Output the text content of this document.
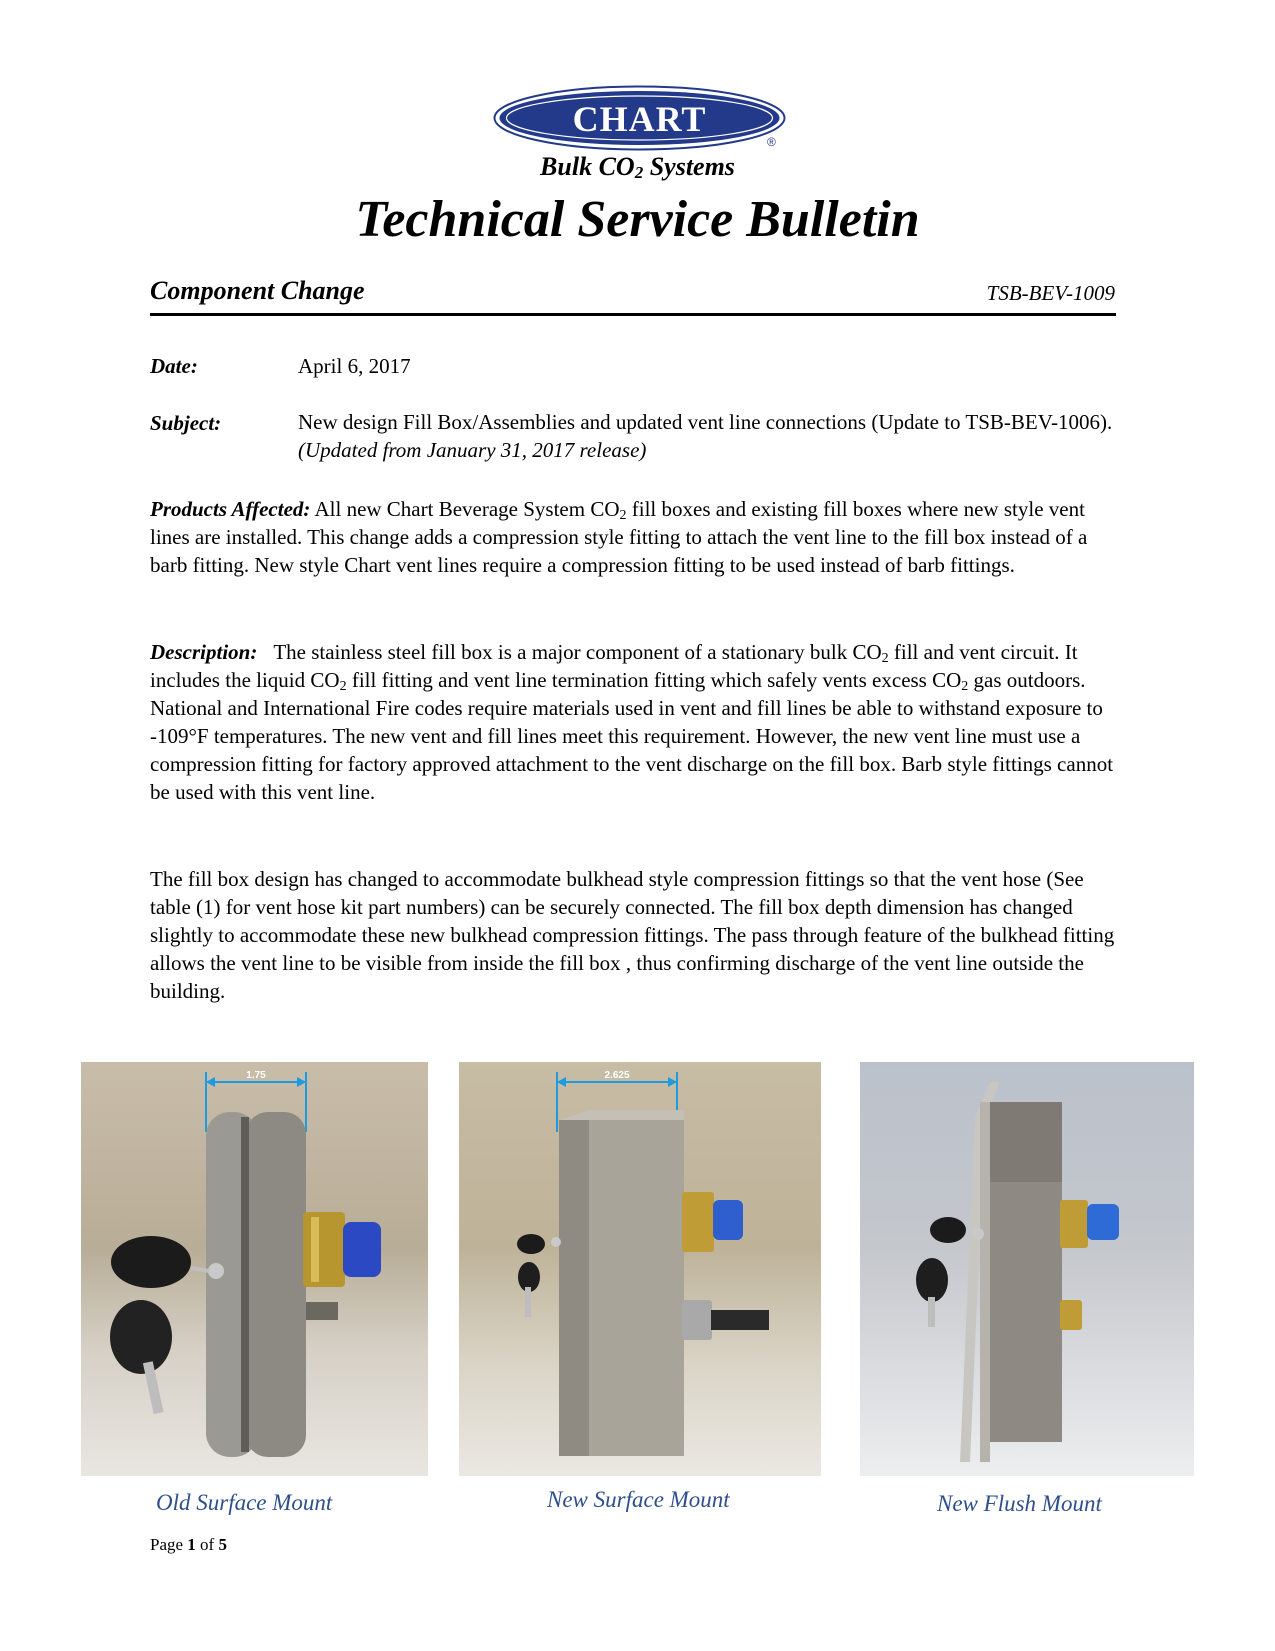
CHART
®
Bulk $CO_2$ Systems
Technical Service Bulletin
Component Change	TSB-BEV-1009
Date:	April 6, 2017
Subject:	New design Fill Box/Assemblies and updated vent line connections (Update to TSB-BEV-1006). (Updated from January 31, 2017 release)
Products Affected: All new Chart Beverage System $CO_2$ fill boxes and existing fill boxes where new style vent lines are installed. This change adds a compression style fitting to attach the vent line to the fill box instead of a barb fitting. New style Chart vent lines require a compression fitting to be used instead of barb fittings.
Description: The stainless steel fill box is a major component of a stationary bulk $CO_2$ fill and vent circuit. It includes the liquid $CO_2$ fill fitting and vent line termination fitting which safely vents excess $CO_2$ gas outdoors. National and International Fire codes require materials used in vent and fill lines be able to withstand exposure to -109°F temperatures. The new vent and fill lines meet this requirement. However, the new vent line must use a compression fitting for factory approved attachment to the vent discharge on the fill box. Barb style fittings cannot be used with this vent line.
The fill box design has changed to accommodate bulkhead style compression fittings so that the vent hose (See table (1) for vent hose kit part numbers) can be securely connected. The fill box depth dimension has changed slightly to accommodate these new bulkhead compression fittings. The pass through feature of the bulkhead fitting allows the vent line to be visible from inside the fill box , thus confirming discharge of the vent line outside the building.
1.75	2.625
Old Surface Mount	New Surface Mount	New Flush Mount
Page 1 of 5
